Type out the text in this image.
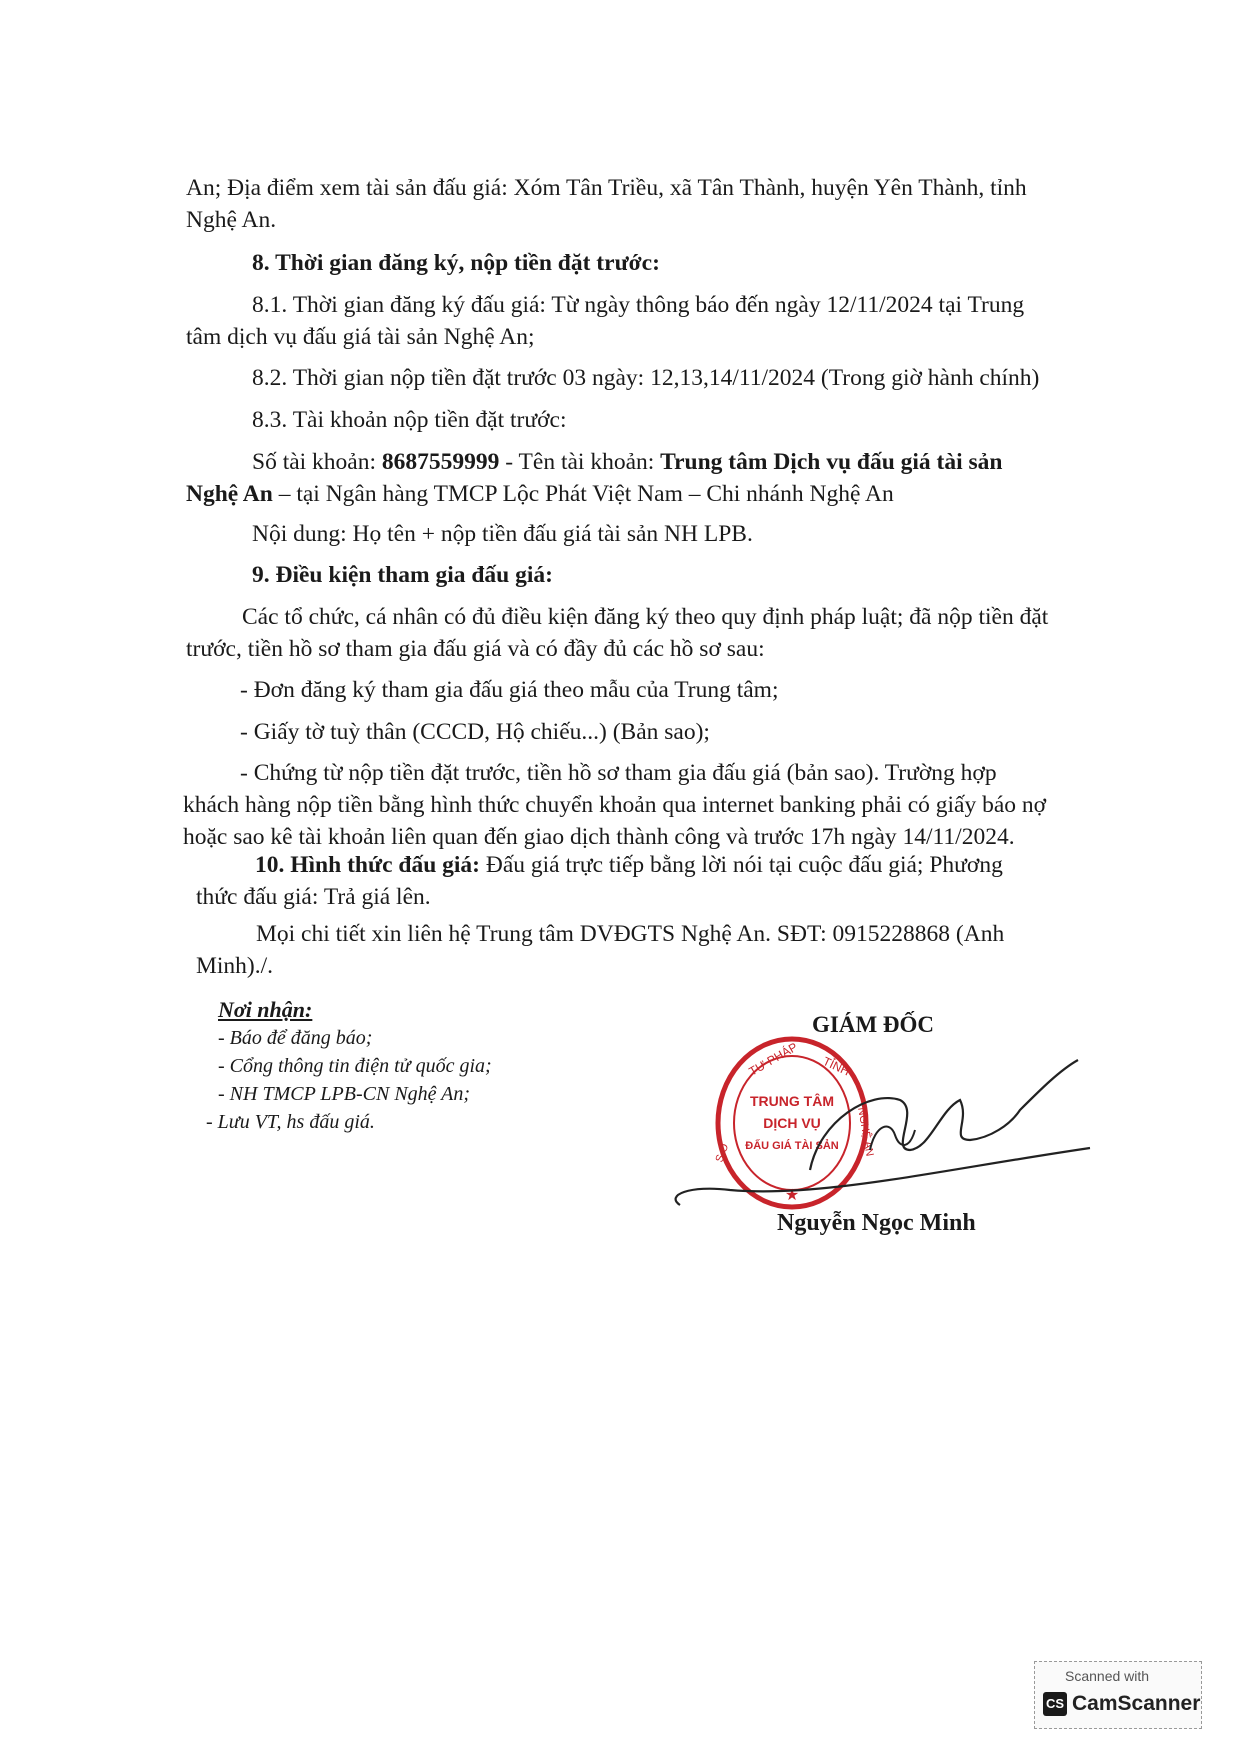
An; Địa điểm xem tài sản đấu giá: Xóm Tân Triều, xã Tân Thành, huyện Yên Thành, tỉnh
Nghệ An.
8. Thời gian đăng ký, nộp tiền đặt trước:
8.1. Thời gian đăng ký đấu giá: Từ ngày thông báo đến ngày 12/11/2024 tại Trung
tâm dịch vụ đấu giá tài sản Nghệ An;
8.2. Thời gian nộp tiền đặt trước 03 ngày: 12,13,14/11/2024 (Trong giờ hành chính)
8.3. Tài khoản nộp tiền đặt trước:
Số tài khoản: 8687559999 - Tên tài khoản: Trung tâm Dịch vụ đấu giá tài sản
Nghệ An – tại Ngân hàng TMCP Lộc Phát Việt Nam – Chi nhánh Nghệ An
Nội dung: Họ tên + nộp tiền đấu giá tài sản NH LPB.
9. Điều kiện tham gia đấu giá:
Các tổ chức, cá nhân có đủ điều kiện đăng ký theo quy định pháp luật; đã nộp tiền đặt
trước, tiền hồ sơ tham gia đấu giá và có đầy đủ các hồ sơ sau:
- Đơn đăng ký tham gia đấu giá theo mẫu của Trung tâm;
- Giấy tờ tuỳ thân (CCCD, Hộ chiếu...) (Bản sao);
- Chứng từ nộp tiền đặt trước, tiền hồ sơ tham gia đấu giá (bản sao). Trường hợp
khách hàng nộp tiền bằng hình thức chuyển khoản qua internet banking phải có giấy báo nợ
hoặc sao kê tài khoản liên quan đến giao dịch thành công và trước 17h ngày 14/11/2024.
10. Hình thức đấu giá: Đấu giá trực tiếp bằng lời nói tại cuộc đấu giá; Phương
thức đấu giá: Trả giá lên.
Mọi chi tiết xin liên hệ Trung tâm DVĐGTS Nghệ An. SĐT: 0915228868 (Anh
Minh)./.
Nơi nhận:
- Báo để đăng báo;
- Cổng thông tin điện tử quốc gia;
- NH TMCP LPB-CN Nghệ An;
- Lưu VT, hs đấu giá.
GIÁM ĐỐC
TƯ PHÁP TỈNH
NGHỆ AN
S.O
TRUNG TÂM
DỊCH VỤ
ĐẤU GIÁ TÀI SẢN
★
Nguyễn Ngọc Minh
Scanned with
CS CamScanner
